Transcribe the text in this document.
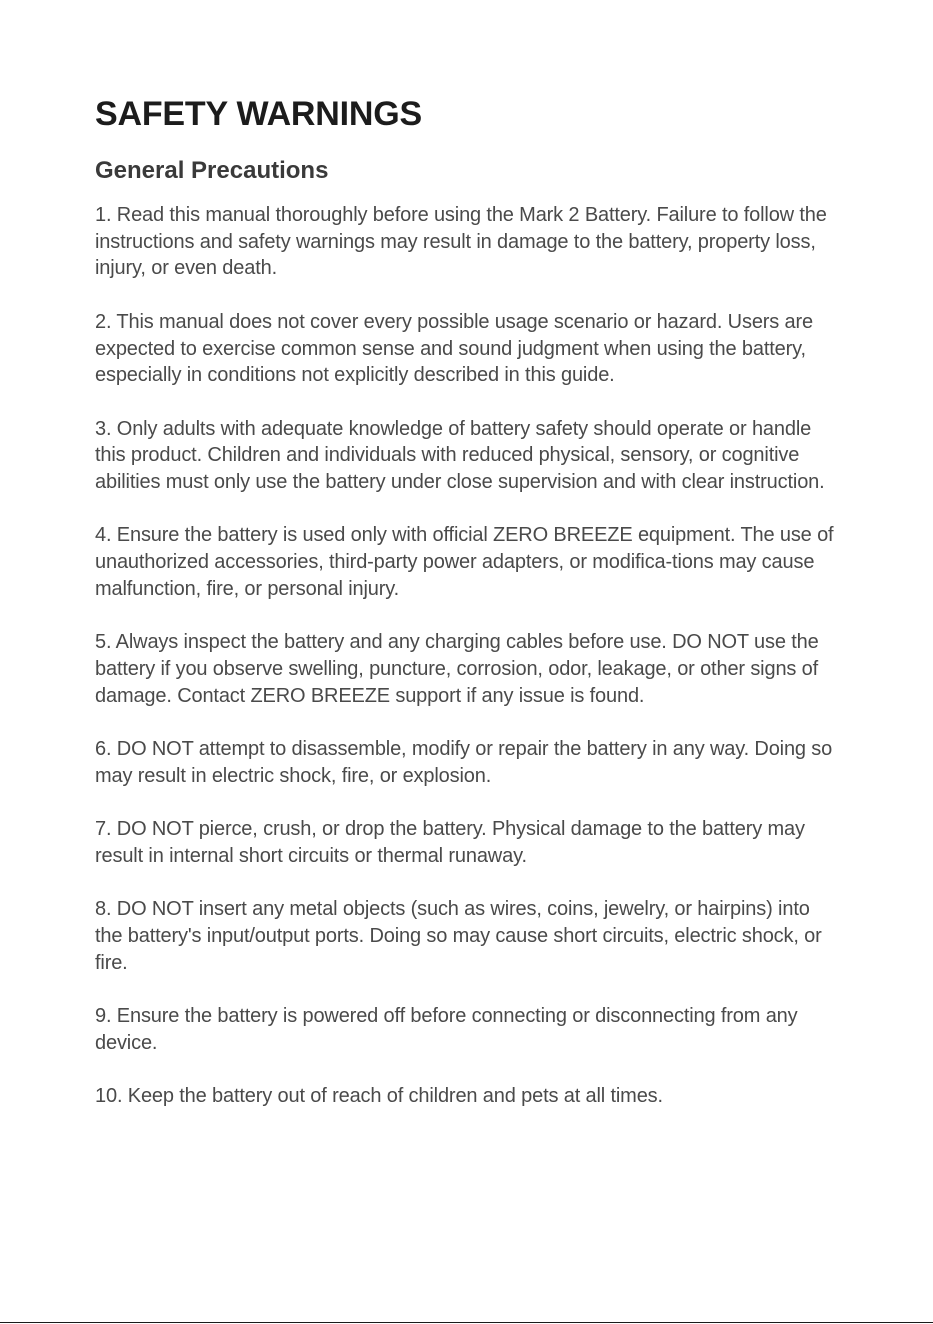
SAFETY WARNINGS
General Precautions
1. Read this manual thoroughly before using the Mark 2 Battery. Failure to follow the instructions and safety warnings may result in damage to the battery, property loss, injury, or even death.
2. This manual does not cover every possible usage scenario or hazard. Users are expected to exercise common sense and sound judgment when using the battery, especially in conditions not explicitly described in this guide.
3. Only adults with adequate knowledge of battery safety should operate or handle this product. Children and individuals with reduced physical, sensory, or cognitive abilities must only use the battery under close supervision and with clear instruction.
4. Ensure the battery is used only with official ZERO BREEZE equipment. The use of unauthorized accessories, third-party power adapters, or modifica-tions may cause malfunction, fire, or personal injury.
5. Always inspect the battery and any charging cables before use. DO NOT use the battery if you observe swelling, puncture, corrosion, odor, leakage, or other signs of damage. Contact ZERO BREEZE support if any issue is found.
6. DO NOT attempt to disassemble, modify or repair the battery in any way. Doing so may result in electric shock, fire, or explosion.
7. DO NOT pierce, crush, or drop the battery. Physical damage to the battery may result in internal short circuits or thermal runaway.
8. DO NOT insert any metal objects (such as wires, coins, jewelry, or hairpins) into the battery's input/output ports. Doing so may cause short circuits, electric shock, or fire.
9. Ensure the battery is powered off before connecting or disconnecting from any device.
10. Keep the battery out of reach of children and pets at all times.
